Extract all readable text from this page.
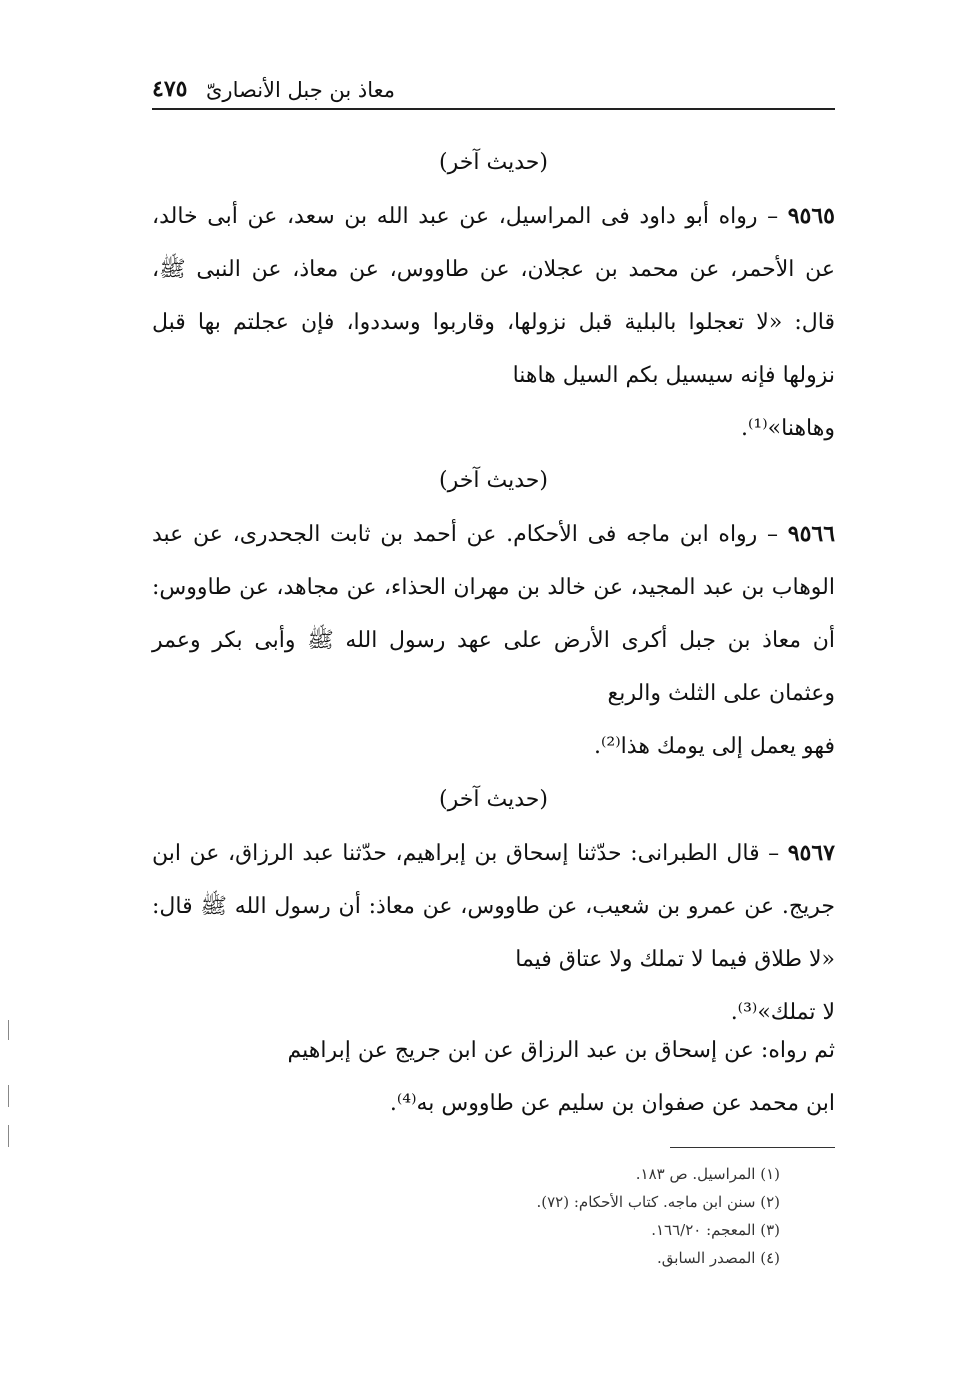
٤٧٥ معاذ بن جبل الأنصارىّ
(حديث آخر)
٩٥٦٥ – رواه أبو داود فى المراسيل، عن عبد الله بن سعد، عن أبى خالد، عن الأحمر، عن محمد بن عجلان، عن طاووس، عن معاذ، عن النبى ﷺ، قال: «لا تعجلوا بالبلية قبل نزولها، وقاربوا وسددوا، فإن عجلتم بها قبل نزولها فإنه سيسيل بكم السيل هاهنا
وهاهنا»⁽¹⁾.
(حديث آخر)
٩٥٦٦ – رواه ابن ماجه فى الأحكام. عن أحمد بن ثابت الجحدرى، عن عبد الوهاب بن عبد المجيد، عن خالد بن مهران الحذاء، عن مجاهد، عن طاووس: أن معاذ بن جبل أكرى الأرض على عهد رسول الله ﷺ وأبى بكر وعمر وعثمان على الثلث والربع
فهو يعمل إلى يومك هذا⁽²⁾.
(حديث آخر)
٩٥٦٧ – قال الطبرانى: حدّثنا إسحاق بن إبراهيم، حدّثنا عبد الرزاق، عن ابن جريج. عن عمرو بن شعيب، عن طاووس، عن معاذ: أن رسول الله ﷺ قال: «لا طلاق فيما لا تملك ولا عتاق فيما
لا تملك»⁽³⁾.
ثم رواه: عن إسحاق بن عبد الرزاق عن ابن جريج عن إبراهيم
ابن محمد عن صفوان بن سليم عن طاووس به⁽⁴⁾.
(١) المراسيل. ص ١٨٣.
(٢) سنن ابن ماجه. كتاب الأحكام: (٧٢).
(٣) المعجم: ١٦٦/٢٠.
(٤) المصدر السابق.
